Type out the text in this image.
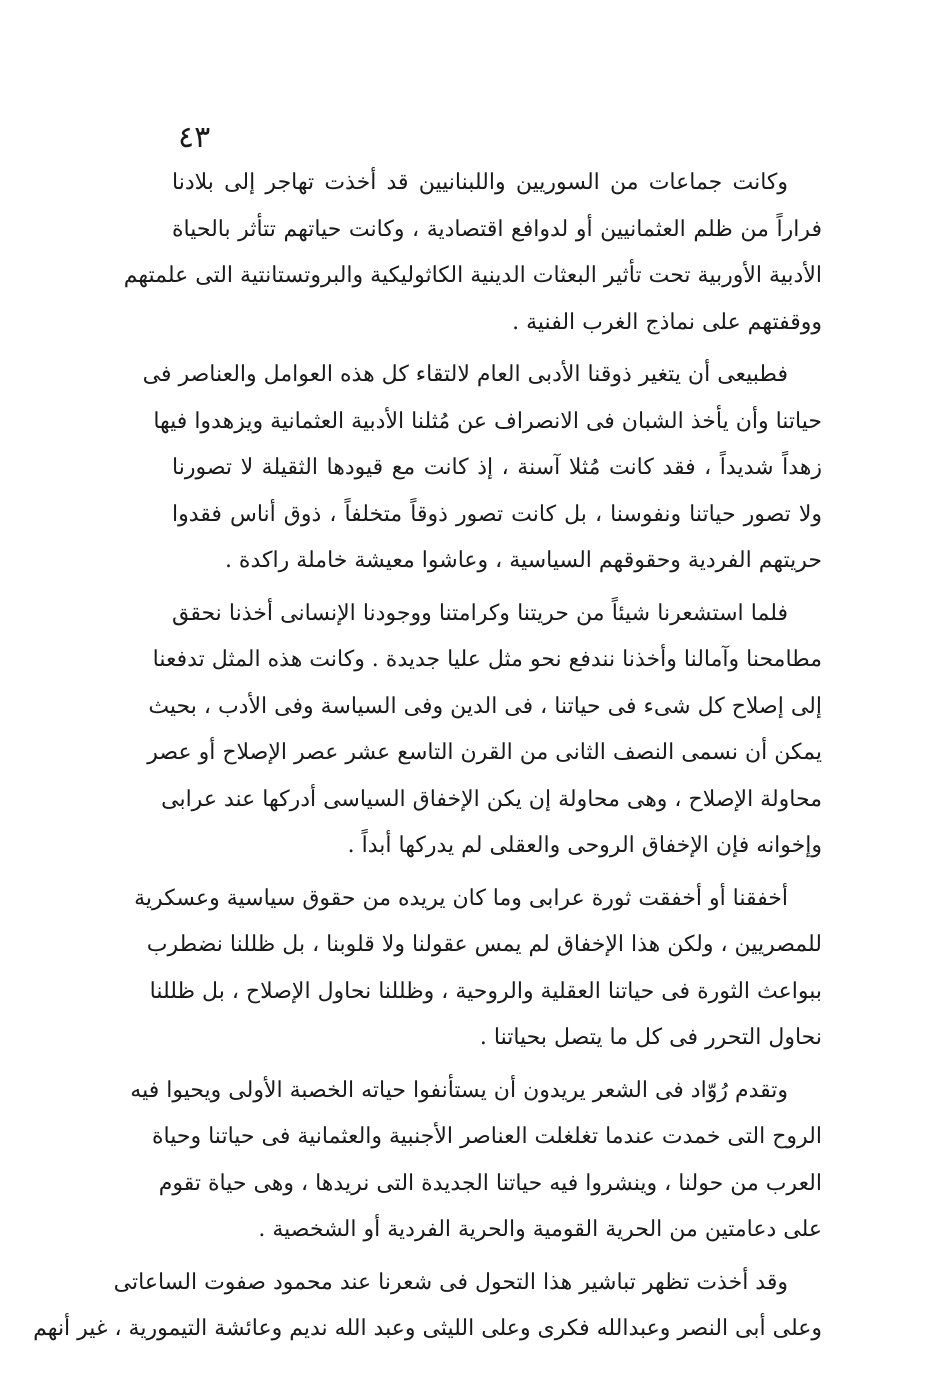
٤٣
وكانت جماعات من السوريين واللبنانيين قد أخذت تهاجر إلى بلادنا
فراراً من ظلم العثمانيين أو لدوافع اقتصادية ، وكانت حياتهم تتأثر بالحياة
الأدبية الأوربية تحت تأثير البعثات الدينية الكاثوليكية والبروتستانتية التى علمتهم
ووقفتهم على نماذج الغرب الفنية .
فطبيعى أن يتغير ذوقنا الأدبى العام لالتقاء كل هذه العوامل والعناصر فى
حياتنا وأن يأخذ الشبان فى الانصراف عن مُثلنا الأدبية العثمانية ويزهدوا فيها
زهداً شديداً ، فقد كانت مُثلا آسنة ، إذ كانت مع قيودها الثقيلة لا تصورنا
ولا تصور حياتنا ونفوسنا ، بل كانت تصور ذوقاً متخلفاً ، ذوق أناس فقدوا
حريتهم الفردية وحقوقهم السياسية ، وعاشوا معيشة خاملة راكدة .
فلما استشعرنا شيئاً من حريتنا وكرامتنا ووجودنا الإنسانى أخذنا نحقق
مطامحنا وآمالنا وأخذنا نندفع نحو مثل عليا جديدة . وكانت هذه المثل تدفعنا
إلى إصلاح كل شىء فى حياتنا ، فى الدين وفى السياسة وفى الأدب ، بحيث
يمكن أن نسمى النصف الثانى من القرن التاسع عشر عصر الإصلاح أو عصر
محاولة الإصلاح ، وهى محاولة إن يكن الإخفاق السياسى أدركها عند عرابى
وإخوانه فإن الإخفاق الروحى والعقلى لم يدركها أبداً .
أخفقنا أو أخفقت ثورة عرابى وما كان يريده من حقوق سياسية وعسكرية
للمصريين ، ولكن هذا الإخفاق لم يمس عقولنا ولا قلوبنا ، بل ظللنا نضطرب
ببواعث الثورة فى حياتنا العقلية والروحية ، وظللنا نحاول الإصلاح ، بل ظللنا
نحاول التحرر فى كل ما يتصل بحياتنا .
وتقدم رُوّاد فى الشعر يريدون أن يستأنفوا حياته الخصبة الأولى ويحيوا فيه
الروح التى خمدت عندما تغلغلت العناصر الأجنبية والعثمانية فى حياتنا وحياة
العرب من حولنا ، وينشروا فيه حياتنا الجديدة التى نريدها ، وهى حياة تقوم
على دعامتين من الحرية القومية والحرية الفردية أو الشخصية .
وقد أخذت تظهر تباشير هذا التحول فى شعرنا عند محمود صفوت الساعاتى
وعلى أبى النصر وعبدالله فكرى وعلى الليثى وعبد الله نديم وعائشة التيمورية ، غير أنهم
